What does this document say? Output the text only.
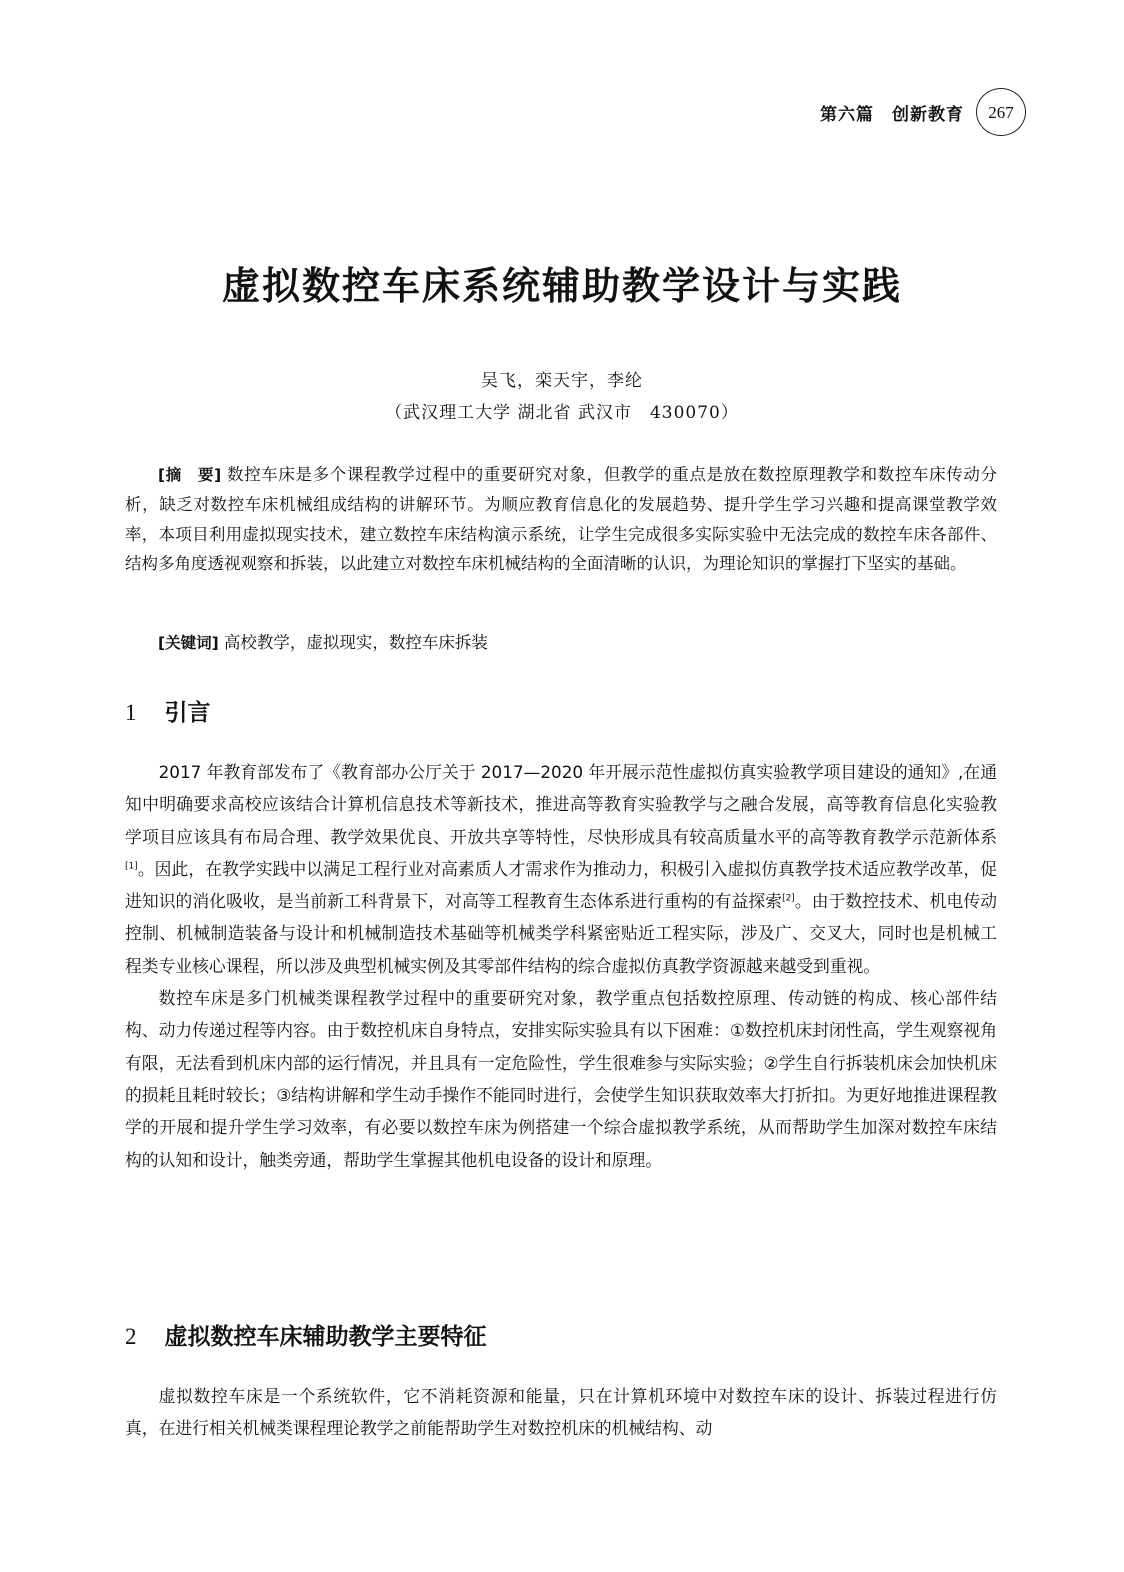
第六篇　创新教育	267
虚拟数控车床系统辅助教学设计与实践
吴飞，栾天宇，李纶
（武汉理工大学 湖北省 武汉市　430070）

[摘　要] 数控车床是多个课程教学过程中的重要研究对象，但教学的重点是放在数控原理教学和数控车床传动分析，缺乏对数控车床机械组成结构的讲解环节。为顺应教育信息化的发展趋势、提升学生学习兴趣和提高课堂教学效率，本项目利用虚拟现实技术，建立数控车床结构演示系统，让学生完成很多实际实验中无法完成的数控车床各部件、结构多角度透视观察和拆装，以此建立对数控车床机械结构的全面清晰的认识，为理论知识的掌握打下坚实的基础。

[关键词] 高校教学，虚拟现实，数控车床拆装

1 引言

2017 年教育部发布了《教育部办公厅关于 2017—2020 年开展示范性虚拟仿真实验教学项目建设的通知》,在通知中明确要求高校应该结合计算机信息技术等新技术，推进高等教育实验教学与之融合发展，高等教育信息化实验教学项目应该具有布局合理、教学效果优良、开放共享等特性，尽快形成具有较高质量水平的高等教育教学示范新体系[1]。因此，在教学实践中以满足工程行业对高素质人才需求作为推动力，积极引入虚拟仿真教学技术适应教学改革，促进知识的消化吸收，是当前新工科背景下，对高等工程教育生态体系进行重构的有益探索[2]。由于数控技术、机电传动控制、机械制造装备与设计和机械制造技术基础等机械类学科紧密贴近工程实际，涉及广、交叉大，同时也是机械工程类专业核心课程，所以涉及典型机械实例及其零部件结构的综合虚拟仿真教学资源越来越受到重视。

数控车床是多门机械类课程教学过程中的重要研究对象，教学重点包括数控原理、传动链的构成、核心部件结构、动力传递过程等内容。由于数控机床自身特点，安排实际实验具有以下困难：①数控机床封闭性高，学生观察视角有限，无法看到机床内部的运行情况，并且具有一定危险性，学生很难参与实际实验；②学生自行拆装机床会加快机床的损耗且耗时较长；③结构讲解和学生动手操作不能同时进行，会使学生知识获取效率大打折扣。为更好地推进课程教学的开展和提升学生学习效率，有必要以数控车床为例搭建一个综合虚拟教学系统，从而帮助学生加深对数控车床结构的认知和设计，触类旁通，帮助学生掌握其他机电设备的设计和原理。

2 虚拟数控车床辅助教学主要特征

虚拟数控车床是一个系统软件，它不消耗资源和能量，只在计算机环境中对数控车床的设计、拆装过程进行仿真，在进行相关机械类课程理论教学之前能帮助学生对数控机床的机械结构、动
